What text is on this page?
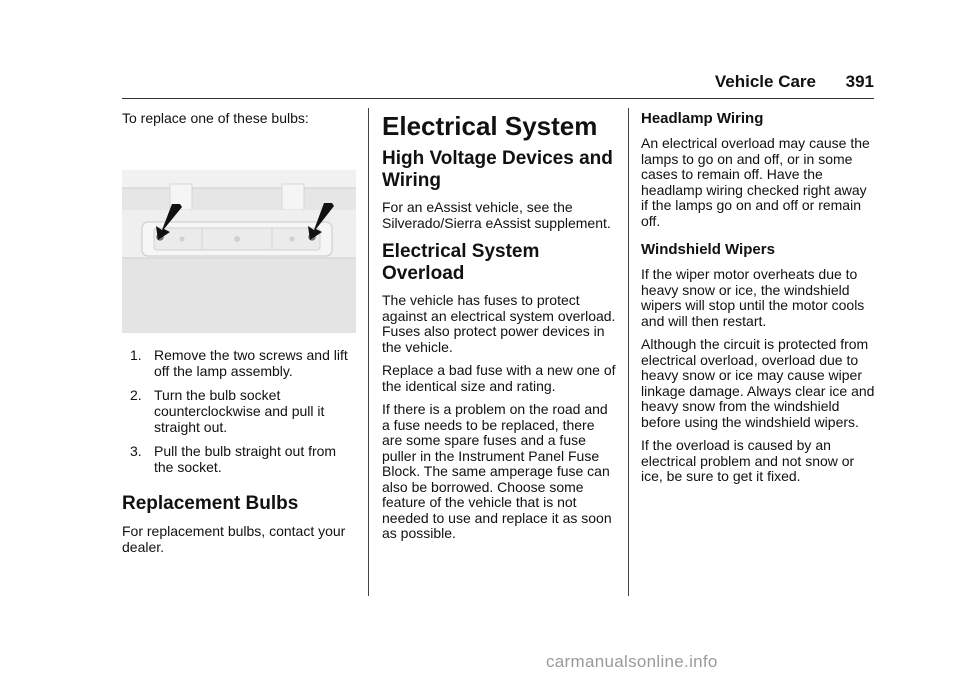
Vehicle Care 391

To replace one of these bulbs:

1. Remove the two screws and lift off the lamp assembly.
2. Turn the bulb socket counterclockwise and pull it straight out.
3. Pull the bulb straight out from the socket.
Replacement Bulbs

For replacement bulbs, contact your dealer.

Electrical System
High Voltage Devices and Wiring

For an eAssist vehicle, see the Silverado/Sierra eAssist supplement.

Electrical System Overload

The vehicle has fuses to protect against an electrical system overload. Fuses also protect power devices in the vehicle.

Replace a bad fuse with a new one of the identical size and rating.

If there is a problem on the road and a fuse needs to be replaced, there are some spare fuses and a fuse puller in the Instrument Panel Fuse Block. The same amperage fuse can also be borrowed. Choose some feature of the vehicle that is not needed to use and replace it as soon as possible.

Headlamp Wiring

An electrical overload may cause the lamps to go on and off, or in some cases to remain off. Have the headlamp wiring checked right away if the lamps go on and off or remain off.

Windshield Wipers

If the wiper motor overheats due to heavy snow or ice, the windshield wipers will stop until the motor cools and will then restart.

Although the circuit is protected from electrical overload, overload due to heavy snow or ice may cause wiper linkage damage. Always clear ice and heavy snow from the windshield before using the windshield wipers.

If the overload is caused by an electrical problem and not snow or ice, be sure to get it fixed.

carmanualsonline.info
